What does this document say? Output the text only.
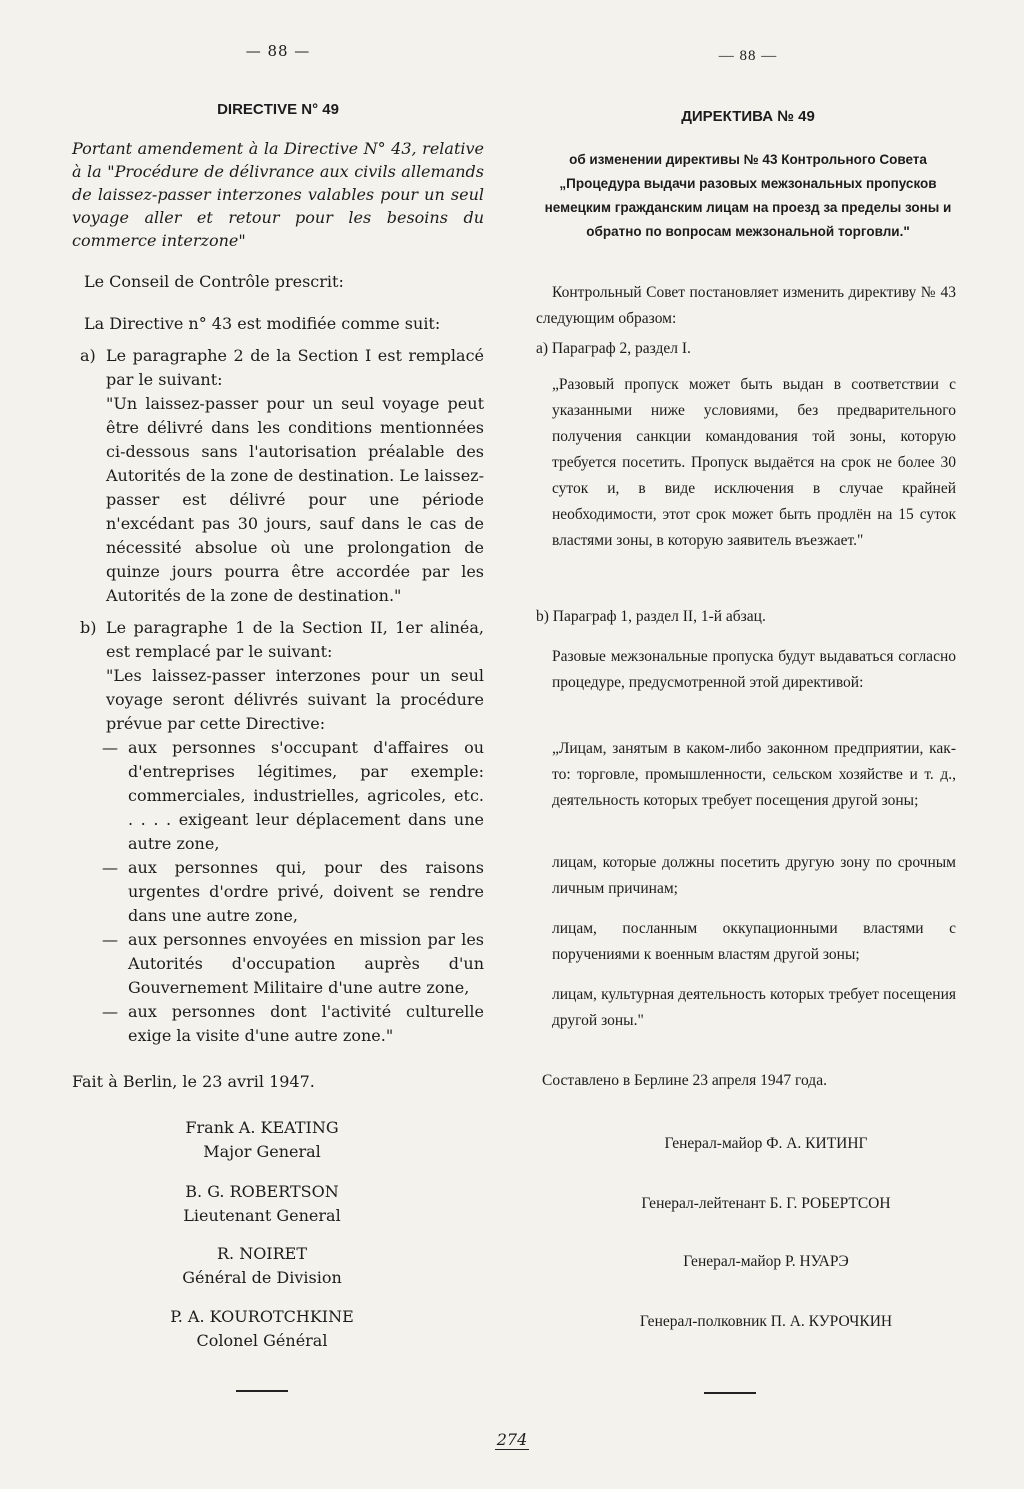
— 88 —
DIRECTIVE N° 49
Portant amendement à la Directive N° 43, relative à la "Procédure de délivrance aux civils allemands de laissez-passer interzones valables pour un seul voyage aller et retour pour les besoins du commerce interzone"
Le Conseil de Contrôle prescrit:
La Directive n° 43 est modifiée comme suit:
a) Le paragraphe 2 de la Section I est remplacé par le suivant:
"Un laissez-passer pour un seul voyage peut être délivré dans les conditions mentionnées ci-dessous sans l'autorisation préalable des Autorités de la zone de destination. Le laissez-passer est délivré pour une période n'excédant pas 30 jours, sauf dans le cas de nécessité absolue où une prolongation de quinze jours pourra être accordée par les Autorités de la zone de destination."
b) Le paragraphe 1 de la Section II, 1er alinéa, est remplacé par le suivant:
"Les laissez-passer interzones pour un seul voyage seront délivrés suivant la procédure prévue par cette Directive:
— aux personnes s'occupant d'affaires ou d'entreprises légitimes, par exemple: commerciales, industrielles, agricoles, etc. . . . . exigeant leur déplacement dans une autre zone,
— aux personnes qui, pour des raisons urgentes d'ordre privé, doivent se rendre dans une autre zone,
— aux personnes envoyées en mission par les Autorités d'occupation auprès d'un Gouvernement Militaire d'une autre zone,
— aux personnes dont l'activité culturelle exige la visite d'une autre zone."
Fait à Berlin, le 23 avril 1947.
Frank A. KEATING
Major General
B. G. ROBERTSON
Lieutenant General
R. NOIRET
Général de Division
P. A. KOUROTCHKINE
Colonel Général
— 88 —
ДИРЕКТИВА № 49
об изменении директивы № 43 Контрольного Совета „Процедура выдачи разовых межзональных пропусков немецким гражданским лицам на проезд за пределы зоны и обратно по вопросам межзональной торговли."
Контрольный Совет постановляет изменить директиву № 43 следующим образом:
а) Параграф 2, раздел I.
„Разовый пропуск может быть выдан в соответствии с указанными ниже условиями, без предварительного получения санкции командования той зоны, которую требуется посетить. Пропуск выдаётся на срок не более 30 суток и, в виде исключения в случае крайней необходимости, этот срок может быть продлён на 15 суток властями зоны, в которую заявитель въезжает."
b) Параграф 1, раздел II, 1-й абзац.
Разовые межзональные пропуска будут выдаваться согласно процедуре, предусмотренной этой директивой:
„Лицам, занятым в каком-либо законном предприятии, как-то: торговле, промышленности, сельском хозяйстве и т. д., деятельность которых требует посещения другой зоны;
лицам, которые должны посетить другую зону по срочным личным причинам;
лицам, посланным оккупационными властями с поручениями к военным властям другой зоны;
лицам, культурная деятельность которых требует посещения другой зоны."
Составлено в Берлине 23 апреля 1947 года.
Генерал-майор Ф. А. КИТИНГ
Генерал-лейтенант Б. Г. РОБЕРТСОН
Генерал-майор Р. НУАРЭ
Генерал-полковник П. А. КУРОЧКИН
274
